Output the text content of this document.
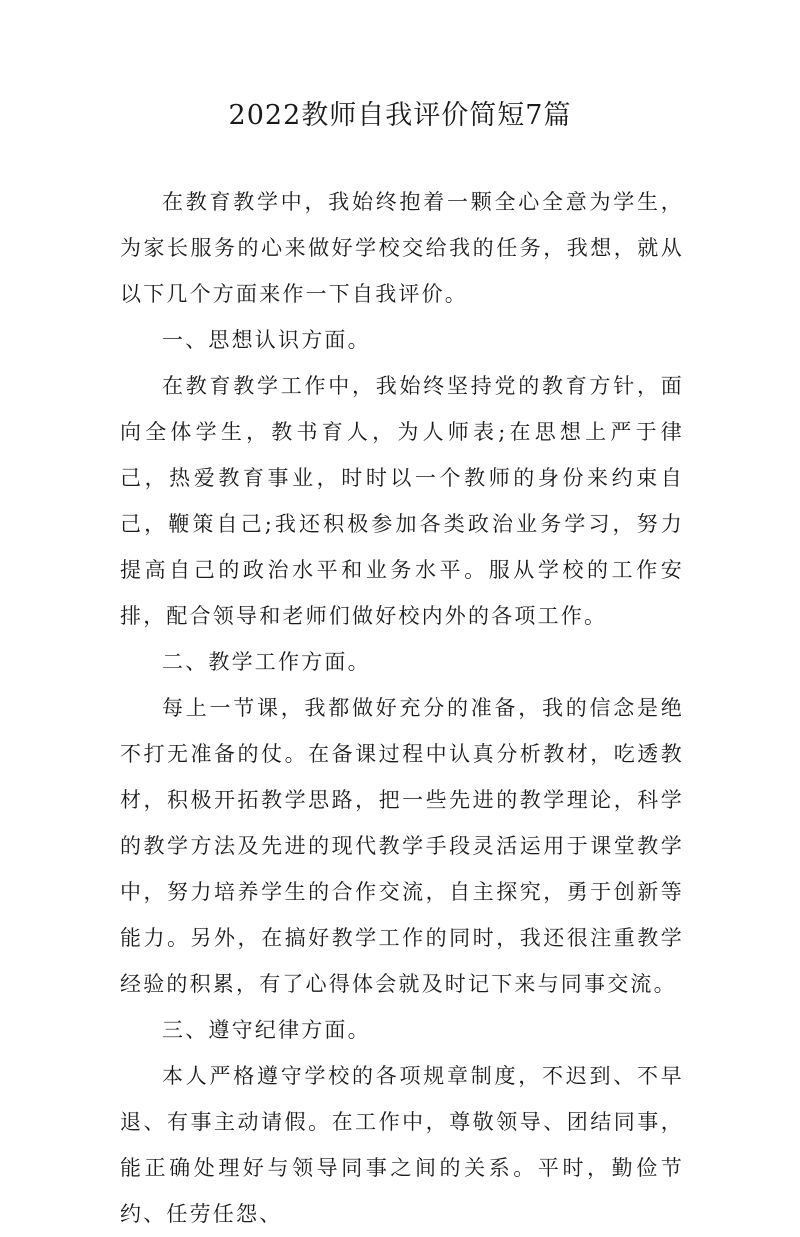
2022教师自我评价简短7篇

在教育教学中，我始终抱着一颗全心全意为学生，为家长服务的心来做好学校交给我的任务，我想，就从以下几个方面来作一下自我评价。

一、思想认识方面。

在教育教学工作中，我始终坚持党的教育方针，面向全体学生，教书育人，为人师表;在思想上严于律己，热爱教育事业，时时以一个教师的身份来约束自己，鞭策自己;我还积极参加各类政治业务学习，努力提高自己的政治水平和业务水平。服从学校的工作安排，配合领导和老师们做好校内外的各项工作。

二、教学工作方面。

每上一节课，我都做好充分的准备，我的信念是绝不打无准备的仗。在备课过程中认真分析教材，吃透教材，积极开拓教学思路，把一些先进的教学理论，科学的教学方法及先进的现代教学手段灵活运用于课堂教学中，努力培养学生的合作交流，自主探究，勇于创新等能力。另外，在搞好教学工作的同时，我还很注重教学经验的积累，有了心得体会就及时记下来与同事交流。

三、遵守纪律方面。

本人严格遵守学校的各项规章制度，不迟到、不早退、有事主动请假。在工作中，尊敬领导、团结同事，能正确处理好与领导同事之间的关系。平时，勤俭节约、任劳任怨、
